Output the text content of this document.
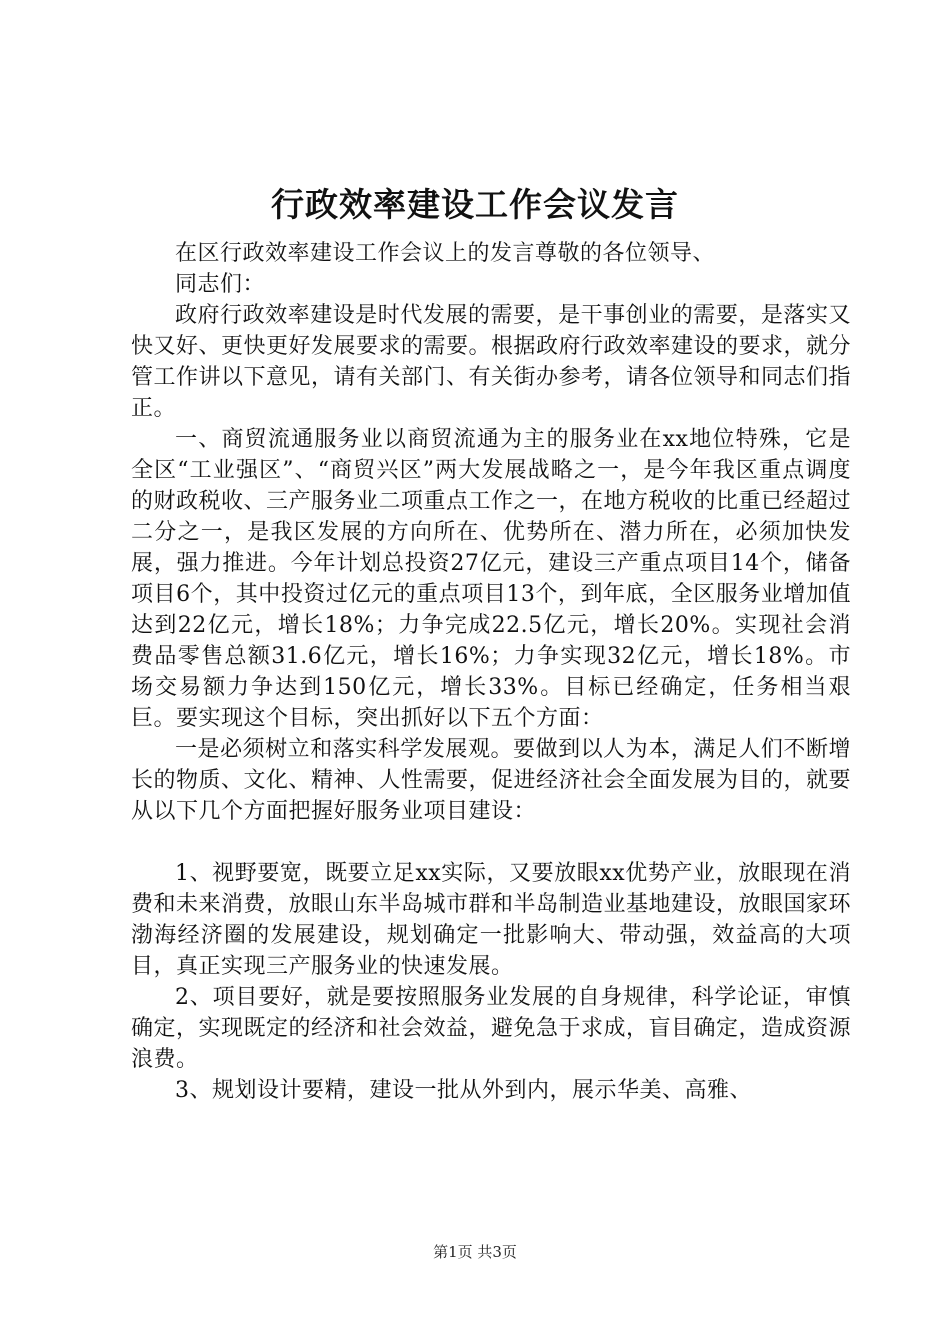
行政效率建设工作会议发言

在区行政效率建设工作会议上的发言尊敬的各位领导、

同志们：

政府行政效率建设是时代发展的需要，是干事创业的需要，是落实又快又好、更快更好发展要求的需要。根据政府行政效率建设的要求，就分管工作讲以下意见，请有关部门、有关街办参考，请各位领导和同志们指正。

一、商贸流通服务业以商贸流通为主的服务业在xx地位特殊，它是全区“工业强区”、“商贸兴区”两大发展战略之一，是今年我区重点调度的财政税收、三产服务业二项重点工作之一，在地方税收的比重已经超过二分之一，是我区发展的方向所在、优势所在、潜力所在，必须加快发展，强力推进。今年计划总投资27亿元，建设三产重点项目14个，储备项目6个，其中投资过亿元的重点项目13个，到年底，全区服务业增加值达到22亿元，增长18%；力争完成22.5亿元，增长20%。实现社会消费品零售总额31.6亿元，增长16%；力争实现32亿元，增长18%。市场交易额力争达到150亿元，增长33%。目标已经确定，任务相当艰巨。要实现这个目标，突出抓好以下五个方面：

一是必须树立和落实科学发展观。要做到以人为本，满足人们不断增长的物质、文化、精神、人性需要，促进经济社会全面发展为目的，就要从以下几个方面把握好服务业项目建设：

1、视野要宽，既要立足xx实际，又要放眼xx优势产业，放眼现在消费和未来消费，放眼山东半岛城市群和半岛制造业基地建设，放眼国家环渤海经济圈的发展建设，规划确定一批影响大、带动强，效益高的大项目，真正实现三产服务业的快速发展。

2、项目要好，就是要按照服务业发展的自身规律，科学论证，审慎确定，实现既定的经济和社会效益，避免急于求成，盲目确定，造成资源浪费。

3、规划设计要精，建设一批从外到内，展示华美、高雅、

第1页 共3页
